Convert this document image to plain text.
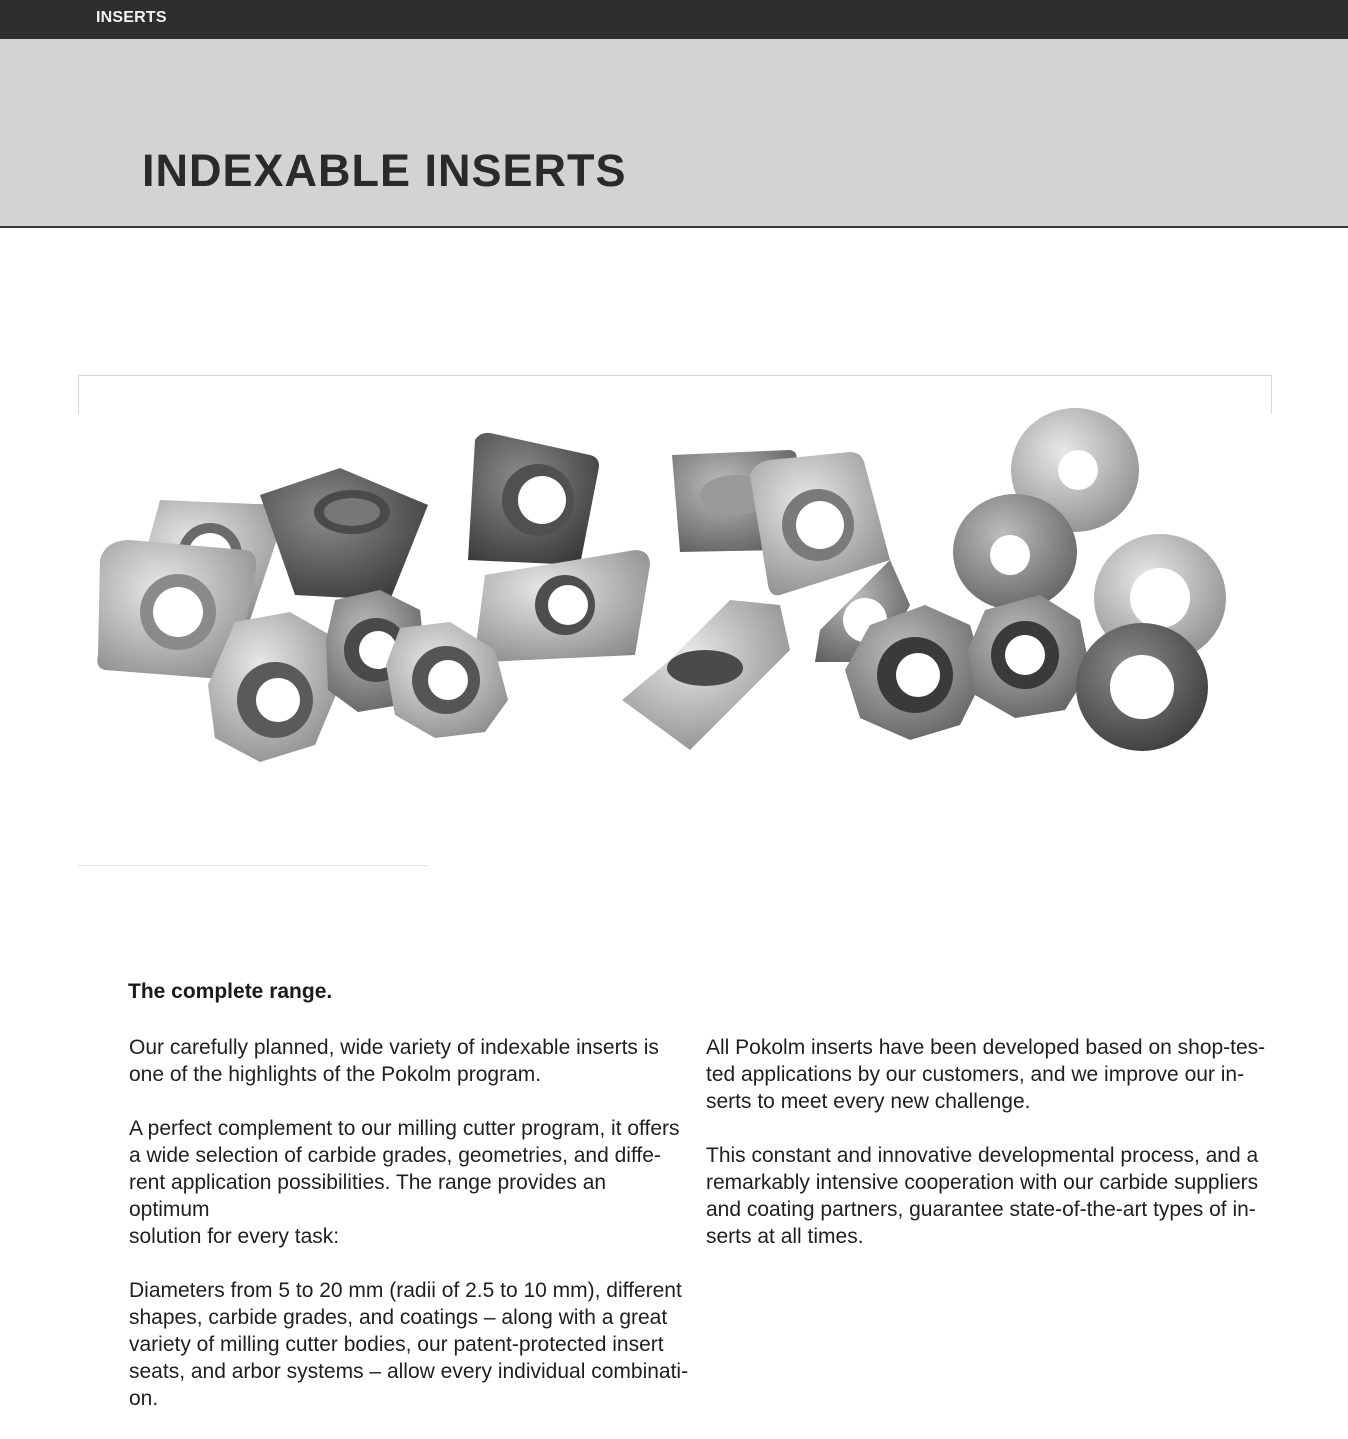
INSERTS
INDEXABLE INSERTS
The complete range.

Our carefully planned, wide variety of indexable inserts is
one of the highlights of the Pokolm program.

A perfect complement to our milling cutter program, it offers
a wide selection of carbide grades, geometries, and diffe-
rent application possibilities. The range provides an optimum
solution for every task:

Diameters from 5 to 20 mm (radii of 2.5 to 10 mm), different
shapes, carbide grades, and coatings – along with a great
variety of milling cutter bodies, our patent-protected insert
seats, and arbor systems – allow every individual combinati-
on.

All Pokolm inserts have been developed based on shop-tes-
ted applications by our customers, and we improve our in-
serts to meet every new challenge.

This constant and innovative developmental process, and a
remarkably intensive cooperation with our carbide suppliers
and coating partners, guarantee state-of-the-art types of in-
serts at all times.
